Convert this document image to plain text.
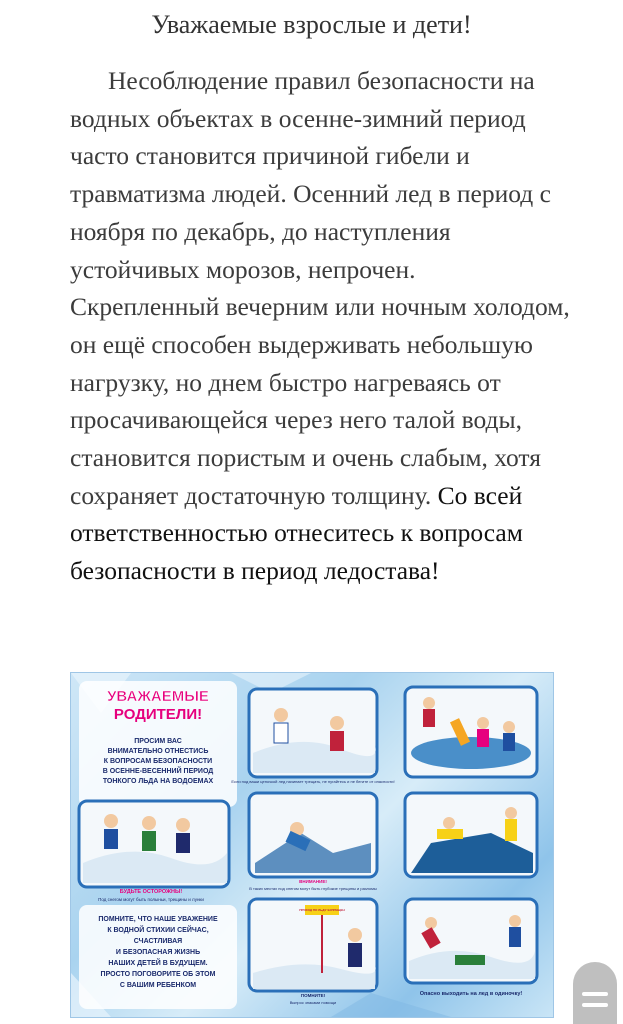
Уважаемые взрослые и дети!

Несоблюдение правил безопасности на водных объектах в осенне-зимний период часто становится причиной гибели и травматизма людей. Осенний лед в период с ноября по декабрь, до наступления устойчивых морозов, непрочен. Скрепленный вечерним или ночным холодом, он ещё способен выдерживать небольшую нагрузку, но днем быстро нагреваясь от просачивающейся через него талой воды, становится пористым и очень слабым, хотя сохраняет достаточную толщину. Со всей ответственностью отнеситесь к вопросам безопасности в период ледостава!

УВАЖАЕМЫЕ
РОДИТЕЛИ!
ПРОСИМ ВАС
ВНИМАТЕЛЬНО ОТНЕСТИСЬ
К ВОПРОСАМ БЕЗОПАСНОСТИ
В ОСЕННЕ-ВЕСЕННИЙ ПЕРИОД
ТОНКОГО ЛЬДА НА ВОДОЕМАХ
БУДЬТЕ ОСТОРОЖНЫ!
Под снегом могут быть полыньи, трещины и лунки
ПОМНИТЕ, ЧТО НАШЕ УВАЖЕНИЕ
К ВОДНОЙ СТИХИИ СЕЙЧАС,
СЧАСТЛИВАЯ
И БЕЗОПАСНАЯ ЖИЗНЬ
НАШИХ ДЕТЕЙ В БУДУЩЕМ.
ПРОСТО ПОГОВОРИТЕ ОБ ЭТОМ
С ВАШИМ РЕБЕНКОМ
Если под ваши цепочкой лед начинает трещать, не пугайтесь и не бегите от опасности!
ВНИМАНИЕ!
В таких местах под снегом могут быть глубокие трещины и разломы
ПРОХОД ПО ЛЬДУ ЗАПРЕЩЕН
ПОМНИТЕ!
Выпрос знаками помощи
Опасно выходить на лед в одиночку!
